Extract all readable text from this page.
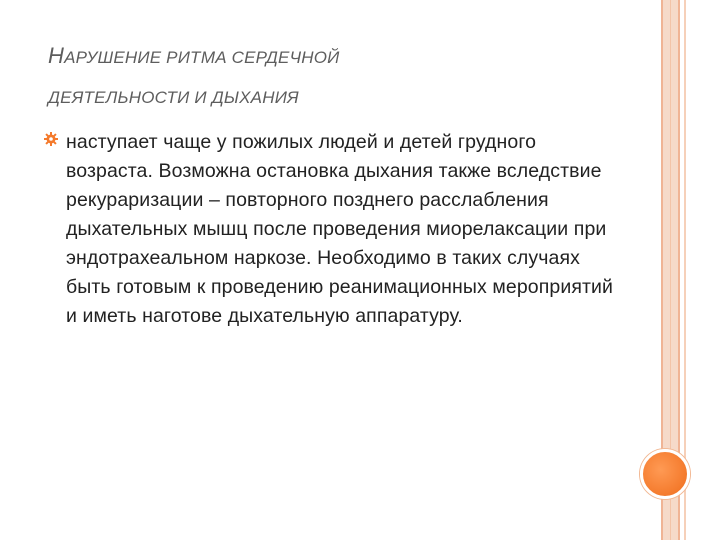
НАРУШЕНИЕ РИТМА СЕРДЕЧНОЙ
ДЕЯТЕЛЬНОСТИ И ДЫХАНИЯ
наступает чаще у пожилых людей и детей грудного возраста. Возможна остановка дыхания также вследствие рекураризации – повторного позднего расслабления дыхательных мышц после проведения миорелаксации при эндотрахеальном наркозе. Необходимо в таких случаях быть готовым к проведению реанимационных мероприятий и иметь наготове дыхательную аппаратуру.
